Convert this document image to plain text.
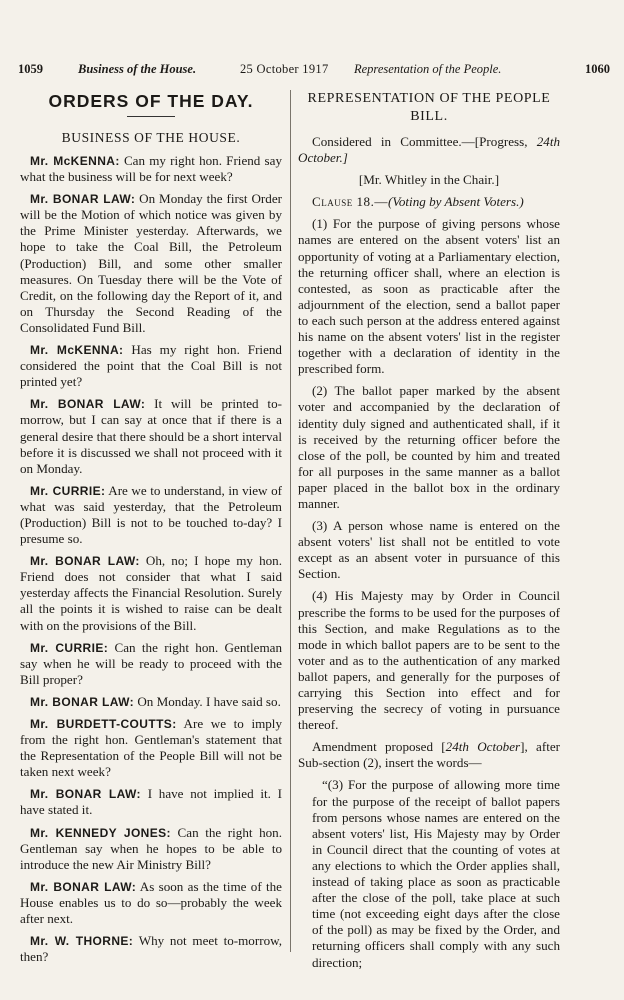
1059	Business of the House.	25 October 1917 Representation of the People.	1060
ORDERS OF THE DAY.
BUSINESS OF THE HOUSE.
Mr. McKENNA: Can my right hon. Friend say what the business will be for next week?
Mr. BONAR LAW: On Monday the first Order will be the Motion of which notice was given by the Prime Minister yesterday. Afterwards, we hope to take the Coal Bill, the Petroleum (Production) Bill, and some other smaller measures. On Tuesday there will be the Vote of Credit, on the following day the Report of it, and on Thursday the Second Reading of the Consolidated Fund Bill.
Mr. McKENNA: Has my right hon. Friend considered the point that the Coal Bill is not printed yet?
Mr. BONAR LAW: It will be printed to-morrow, but I can say at once that if there is a general desire that there should be a short interval before it is discussed we shall not proceed with it on Monday.
Mr. CURRIE: Are we to understand, in view of what was said yesterday, that the Petroleum (Production) Bill is not to be touched to-day? I presume so.
Mr. BONAR LAW: Oh, no; I hope my hon. Friend does not consider that what I said yesterday affects the Financial Resolution. Surely all the points it is wished to raise can be dealt with on the provisions of the Bill.
Mr. CURRIE: Can the right hon. Gentleman say when he will be ready to proceed with the Bill proper?
Mr. BONAR LAW: On Monday. I have said so.
Mr. BURDETT-COUTTS: Are we to imply from the right hon. Gentleman's statement that the Representation of the People Bill will not be taken next week?
Mr. BONAR LAW: I have not implied it. I have stated it.
Mr. KENNEDY JONES: Can the right hon. Gentleman say when he hopes to be able to introduce the new Air Ministry Bill?
Mr. BONAR LAW: As soon as the time of the House enables us to do so—probably the week after next.
Mr. W. THORNE: Why not meet to-morrow, then?
REPRESENTATION OF THE PEOPLE BILL.
Considered in Committee.—[Progress, 24th October.]
[Mr. Whitley in the Chair.]
Clause 18.—(Voting by Absent Voters.)
(1) For the purpose of giving persons whose names are entered on the absent voters' list an opportunity of voting at a Parliamentary election, the returning officer shall, where an election is contested, as soon as practicable after the adjournment of the election, send a ballot paper to each such person at the address entered against his name on the absent voters' list in the register together with a declaration of identity in the prescribed form.
(2) The ballot paper marked by the absent voter and accompanied by the declaration of identity duly signed and authenticated shall, if it is received by the returning officer before the close of the poll, be counted by him and treated for all purposes in the same manner as a ballot paper placed in the ballot box in the ordinary manner.
(3) A person whose name is entered on the absent voters' list shall not be entitled to vote except as an absent voter in pursuance of this Section.
(4) His Majesty may by Order in Council prescribe the forms to be used for the purposes of this Section, and make Regulations as to the mode in which ballot papers are to be sent to the voter and as to the authentication of any marked ballot papers, and generally for the purposes of carrying this Section into effect and for preserving the secrecy of voting in pursuance thereof.
Amendment proposed [24th October], after Sub-section (2), insert the words—
“(3) For the purpose of allowing more time for the purpose of the receipt of ballot papers from persons whose names are entered on the absent voters' list, His Majesty may by Order in Council direct that the counting of votes at any elections to which the Order applies shall, instead of taking place as soon as practicable after the close of the poll, take place at such time (not exceeding eight days after the close of the poll) as may be fixed by the Order, and returning officers shall comply with any such direction;
